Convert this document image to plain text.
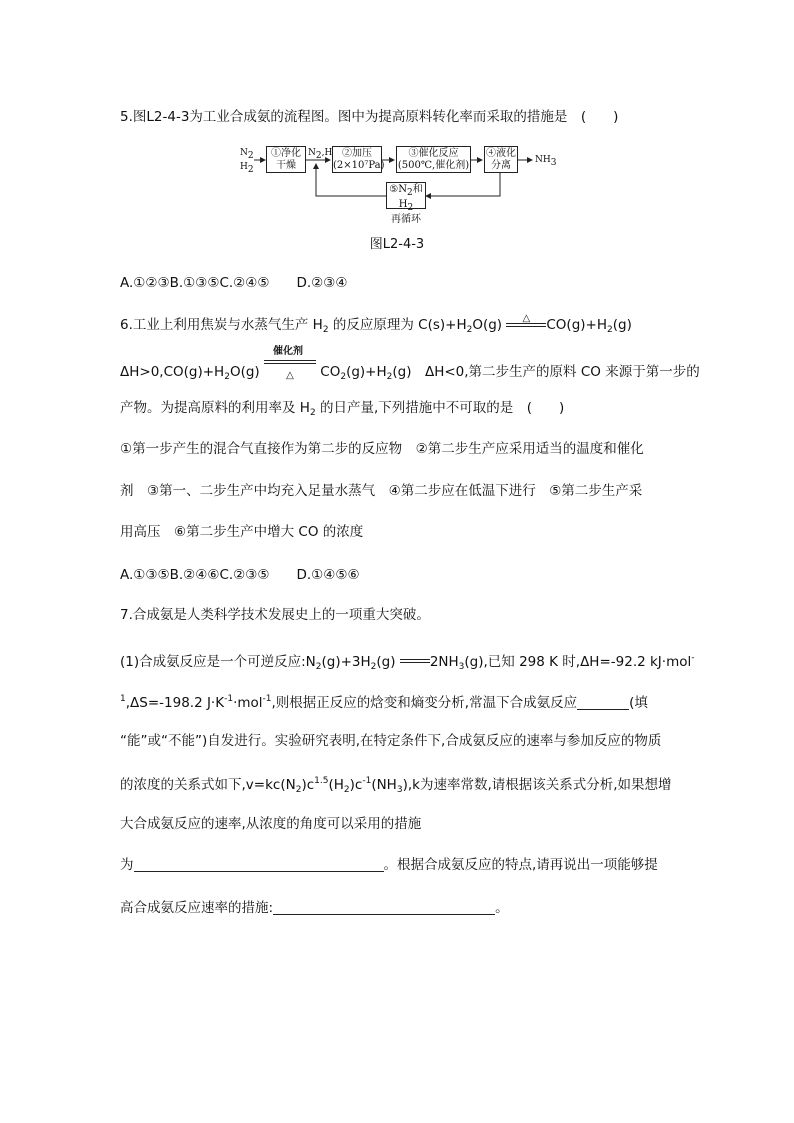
5.图L2-4-3为工业合成氨的流程图。图中为提高原料转化率而采取的措施是　(　　)
N2
H2
①净化
干燥
N2,H ②加压
(2×10⁷Pa)
③催化反应
(500℃,催化剂)
④液化
分离	NH3
⑤N2和H2
再循环
图L2-4-3
A.①②③B.①③⑤C.②④⑤　　D.②③④
6.工业上利用焦炭与水蒸气生产 $H_2$ 的反应原理为 $C(s)+H_2O(g)$	△	$CO(g)+H_2(g)$
$\Delta H>0,CO(g)+H_2O(g)$
催化剂
△	$CO_2(g)+H_2(g)$　ΔH<0,第二步生产的原料 CO 来源于第一步的
产物。为提高原料的利用率及 $H_2$ 的日产量,下列措施中不可取的是　(　　)
①第一步产生的混合气直接作为第二步的反应物　②第二步生产应采用适当的温度和催化
剂　③第一、二步生产中均充入足量水蒸气　④第二步应在低温下进行　⑤第二步生产采
用高压　⑥第二步生产中增大 CO 的浓度
A.①③⑤B.②④⑥C.②③⑤　　D.①④⑤⑥
7.合成氨是人类科学技术发展史上的一项重大突破。
(1)合成氨反应是一个可逆反应$:N_2(g)+3H_2(g)$	$2NH_3(g)$,已知 298 K 时,ΔH=-92.2 kJ·mol-
$^1$,ΔS=-198.2 $J\cdot K^{-1}\cdot mol^{-1}$,则根据正反应的焓变和熵变分析,常温下合成氨反应	(填
“能”或“不能”)自发进行。实验研究表明,在特定条件下,合成氨反应的速率与参加反应的物质
的浓度的关系式如下$,v=kc(N_2)c^{1.5}(H_2)c^{-1}(NH_3),k$为速率常数,请根据该关系式分析,如果想增
大合成氨反应的速率,从浓度的角度可以采用的措施
为	。根据合成氨反应的特点,请再说出一项能够提
高合成氨反应速率的措施:	。
